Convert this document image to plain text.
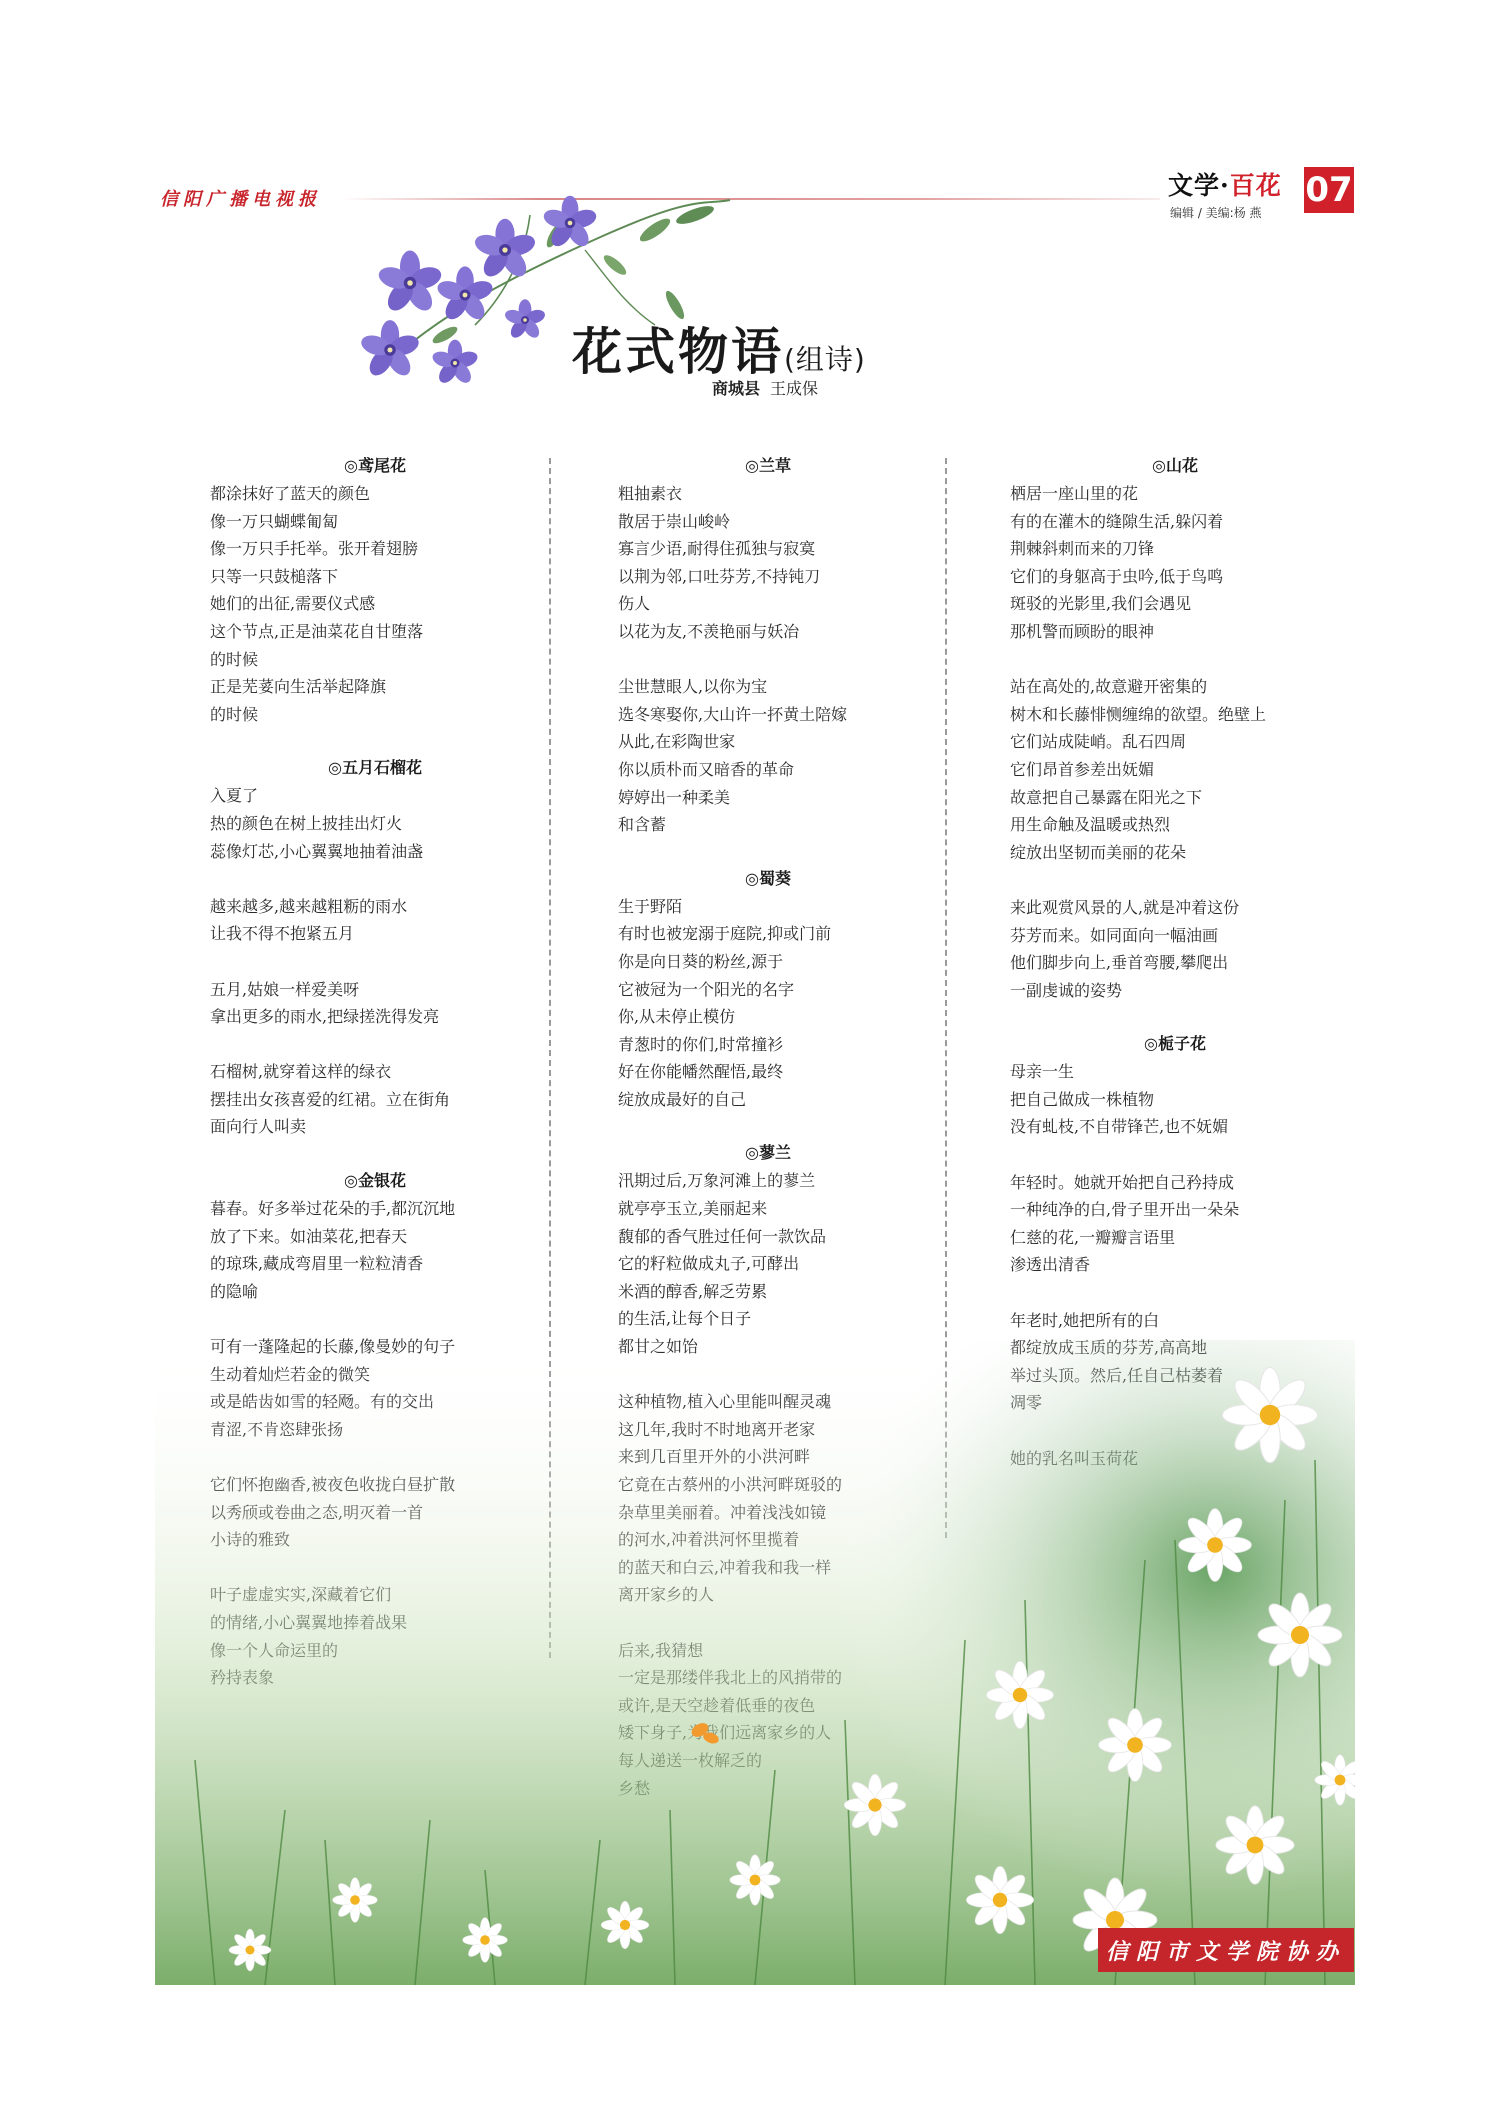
信阳广播电视报	文学·百花
编辑 / 美编:杨 燕
07
花式物语(组诗)
商城县 王成保
◎鸢尾花
都涂抹好了蓝天的颜色
像一万只蝴蝶匍匐
像一万只手托举。张开着翅膀
只等一只鼓槌落下
她们的出征,需要仪式感
这个节点,正是油菜花自甘堕落
的时候
正是芜荽向生活举起降旗
的时候
◎五月石榴花
入夏了
热的颜色在树上披挂出灯火
蕊像灯芯,小心翼翼地抽着油盏
越来越多,越来越粗粝的雨水
让我不得不抱紧五月
五月,姑娘一样爱美呀
拿出更多的雨水,把绿搓洗得发亮
石榴树,就穿着这样的绿衣
摆挂出女孩喜爱的红裙。立在街角
面向行人叫卖
◎金银花
暮春。好多举过花朵的手,都沉沉地
放了下来。如油菜花,把春天
的琼珠,藏成弯眉里一粒粒清香
的隐喻
◎兰草
粗抽素衣
散居于崇山峻岭
寡言少语,耐得住孤独与寂寞
以荆为邻,口吐芬芳,不持钝刀
伤人
以花为友,不羡艳丽与妖冶
尘世慧眼人,以你为宝
选冬寒娶你,大山许一抔黄土陪嫁
从此,在彩陶世家
你以质朴而又暗香的革命
婷婷出一种柔美
和含蓄
◎蜀葵
生于野陌
有时也被宠溺于庭院,抑或门前
你是向日葵的粉丝,源于
它被冠为一个阳光的名字
你,从未停止模仿
青葱时的你们,时常撞衫
好在你能幡然醒悟,最终
绽放成最好的自己
◎蓼兰
汛期过后,万象河滩上的蓼兰
就亭亭玉立,美丽起来
馥郁的香气胜过任何一款饮品
它的籽粒做成丸子,可酵出
米酒的醇香,解乏劳累
的生活,让每个日子
◎山花
栖居一座山里的花
有的在灌木的缝隙生活,躲闪着
荆棘斜刺而来的刀锋
它们的身躯高于虫吟,低于鸟鸣
斑驳的光影里,我们会遇见
那机警而顾盼的眼神
站在高处的,故意避开密集的
树木和长藤悱恻缠绵的欲望。绝壁上
它们站成陡峭。乱石四周
它们昂首参差出妩媚
故意把自己暴露在阳光之下
用生命触及温暖或热烈
绽放出坚韧而美丽的花朵
来此观赏风景的人,就是冲着这份
芬芳而来。如同面向一幅油画
他们脚步向上,垂首弯腰,攀爬出
一副虔诚的姿势
◎栀子花
母亲一生
把自己做成一株植物
没有虬枝,不自带锋芒,也不妩媚
年轻时。她就开始把自己矜持成
一种纯净的白,骨子里开出一朵朵
仁慈的花,一瓣瓣言语里
渗透出清香
年老时,她把所有的白
信阳市文学院协办
